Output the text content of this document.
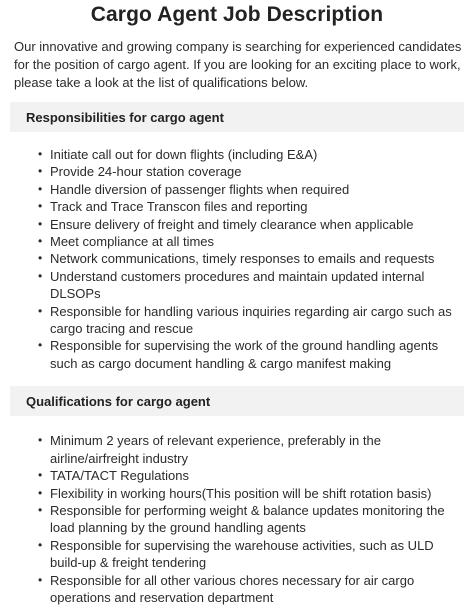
Cargo Agent Job Description

Our innovative and growing company is searching for experienced candidates for the position of cargo agent. If you are looking for an exciting place to work, please take a look at the list of qualifications below.

Responsibilities for cargo agent
• Initiate call out for down flights (including E&A)
• Provide 24-hour station coverage
• Handle diversion of passenger flights when required
• Track and Trace Transcon files and reporting
• Ensure delivery of freight and timely clearance when applicable
• Meet compliance at all times
• Network communications, timely responses to emails and requests
• Understand customers procedures and maintain updated internal DLSOPs
• Responsible for handling various inquiries regarding air cargo such as cargo tracing and rescue
• Responsible for supervising the work of the ground handling agents such as cargo document handling & cargo manifest making
Qualifications for cargo agent
• Minimum 2 years of relevant experience, preferably in the airline/airfreight industry
• TATA/TACT Regulations
• Flexibility in working hours(This position will be shift rotation basis)
• Responsible for performing weight & balance updates monitoring the load planning by the ground handling agents
• Responsible for supervising the warehouse activities, such as ULD build-up & freight tendering
• Responsible for all other various chores necessary for air cargo operations and reservation department
